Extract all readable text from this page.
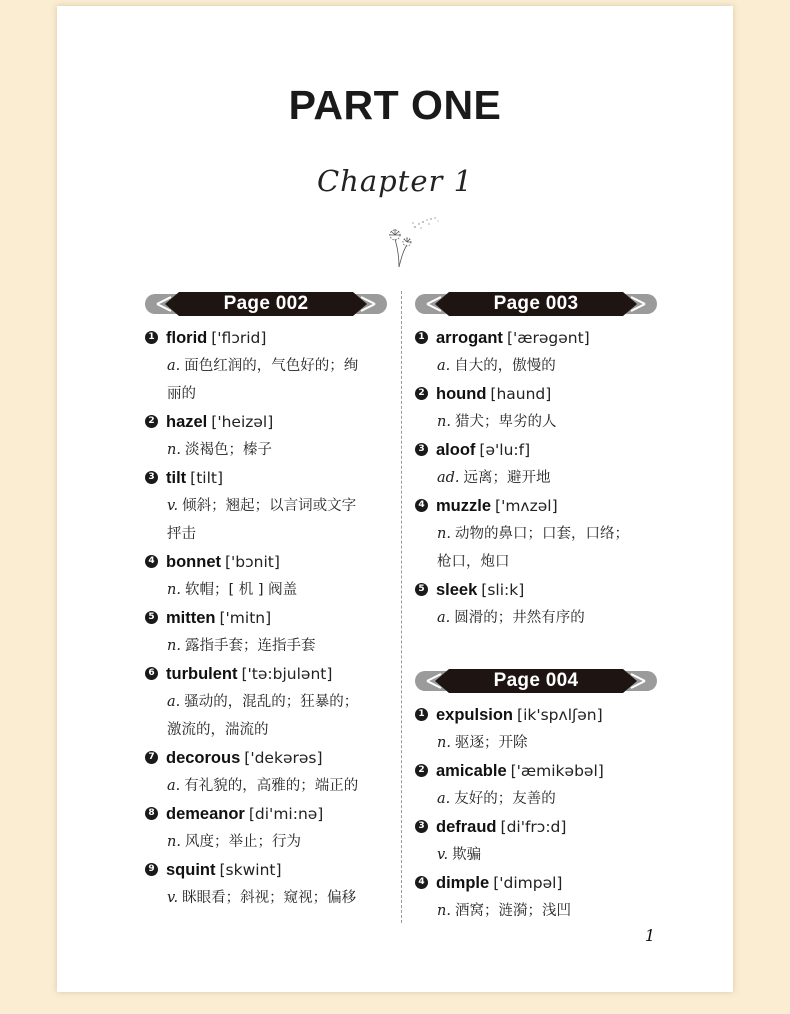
PART ONE
Chapter 1
Page 002
1 florid ['flɔrid]
a. 面色红润的，气色好的；绚
丽的
2 hazel ['heizəl]
n. 淡褐色；榛子
3 tilt [tilt]
v. 倾斜；翘起；以言词或文字
抨击
4 bonnet ['bɔnit]
n. 软帽；[ 机 ] 阀盖
5 mitten ['mitn]
n. 露指手套；连指手套
6 turbulent ['tə:bjulənt]
a. 骚动的，混乱的；狂暴的；
激流的，湍流的
7 decorous ['dekərəs]
a. 有礼貌的，高雅的；端正的
8 demeanor [di'mi:nə]
n. 风度；举止；行为
9 squint [skwint]
v. 眯眼看；斜视；窥视；偏移
Page 003
1 arrogant ['ærəgənt]
a. 自大的，傲慢的
2 hound [haund]
n. 猎犬；卑劣的人
3 aloof [ə'lu:f]
ad. 远离；避开地
4 muzzle ['mʌzəl]
n. 动物的鼻口；口套，口络；
枪口，炮口
5 sleek [sli:k]
a. 圆滑的；井然有序的
Page 004
1 expulsion [ik'spʌlʃən]
n. 驱逐；开除
2 amicable ['æmikəbəl]
a. 友好的；友善的
3 defraud [di'frɔ:d]
v. 欺骗
4 dimple ['dimpəl]
n. 酒窝；涟漪；浅凹
1
